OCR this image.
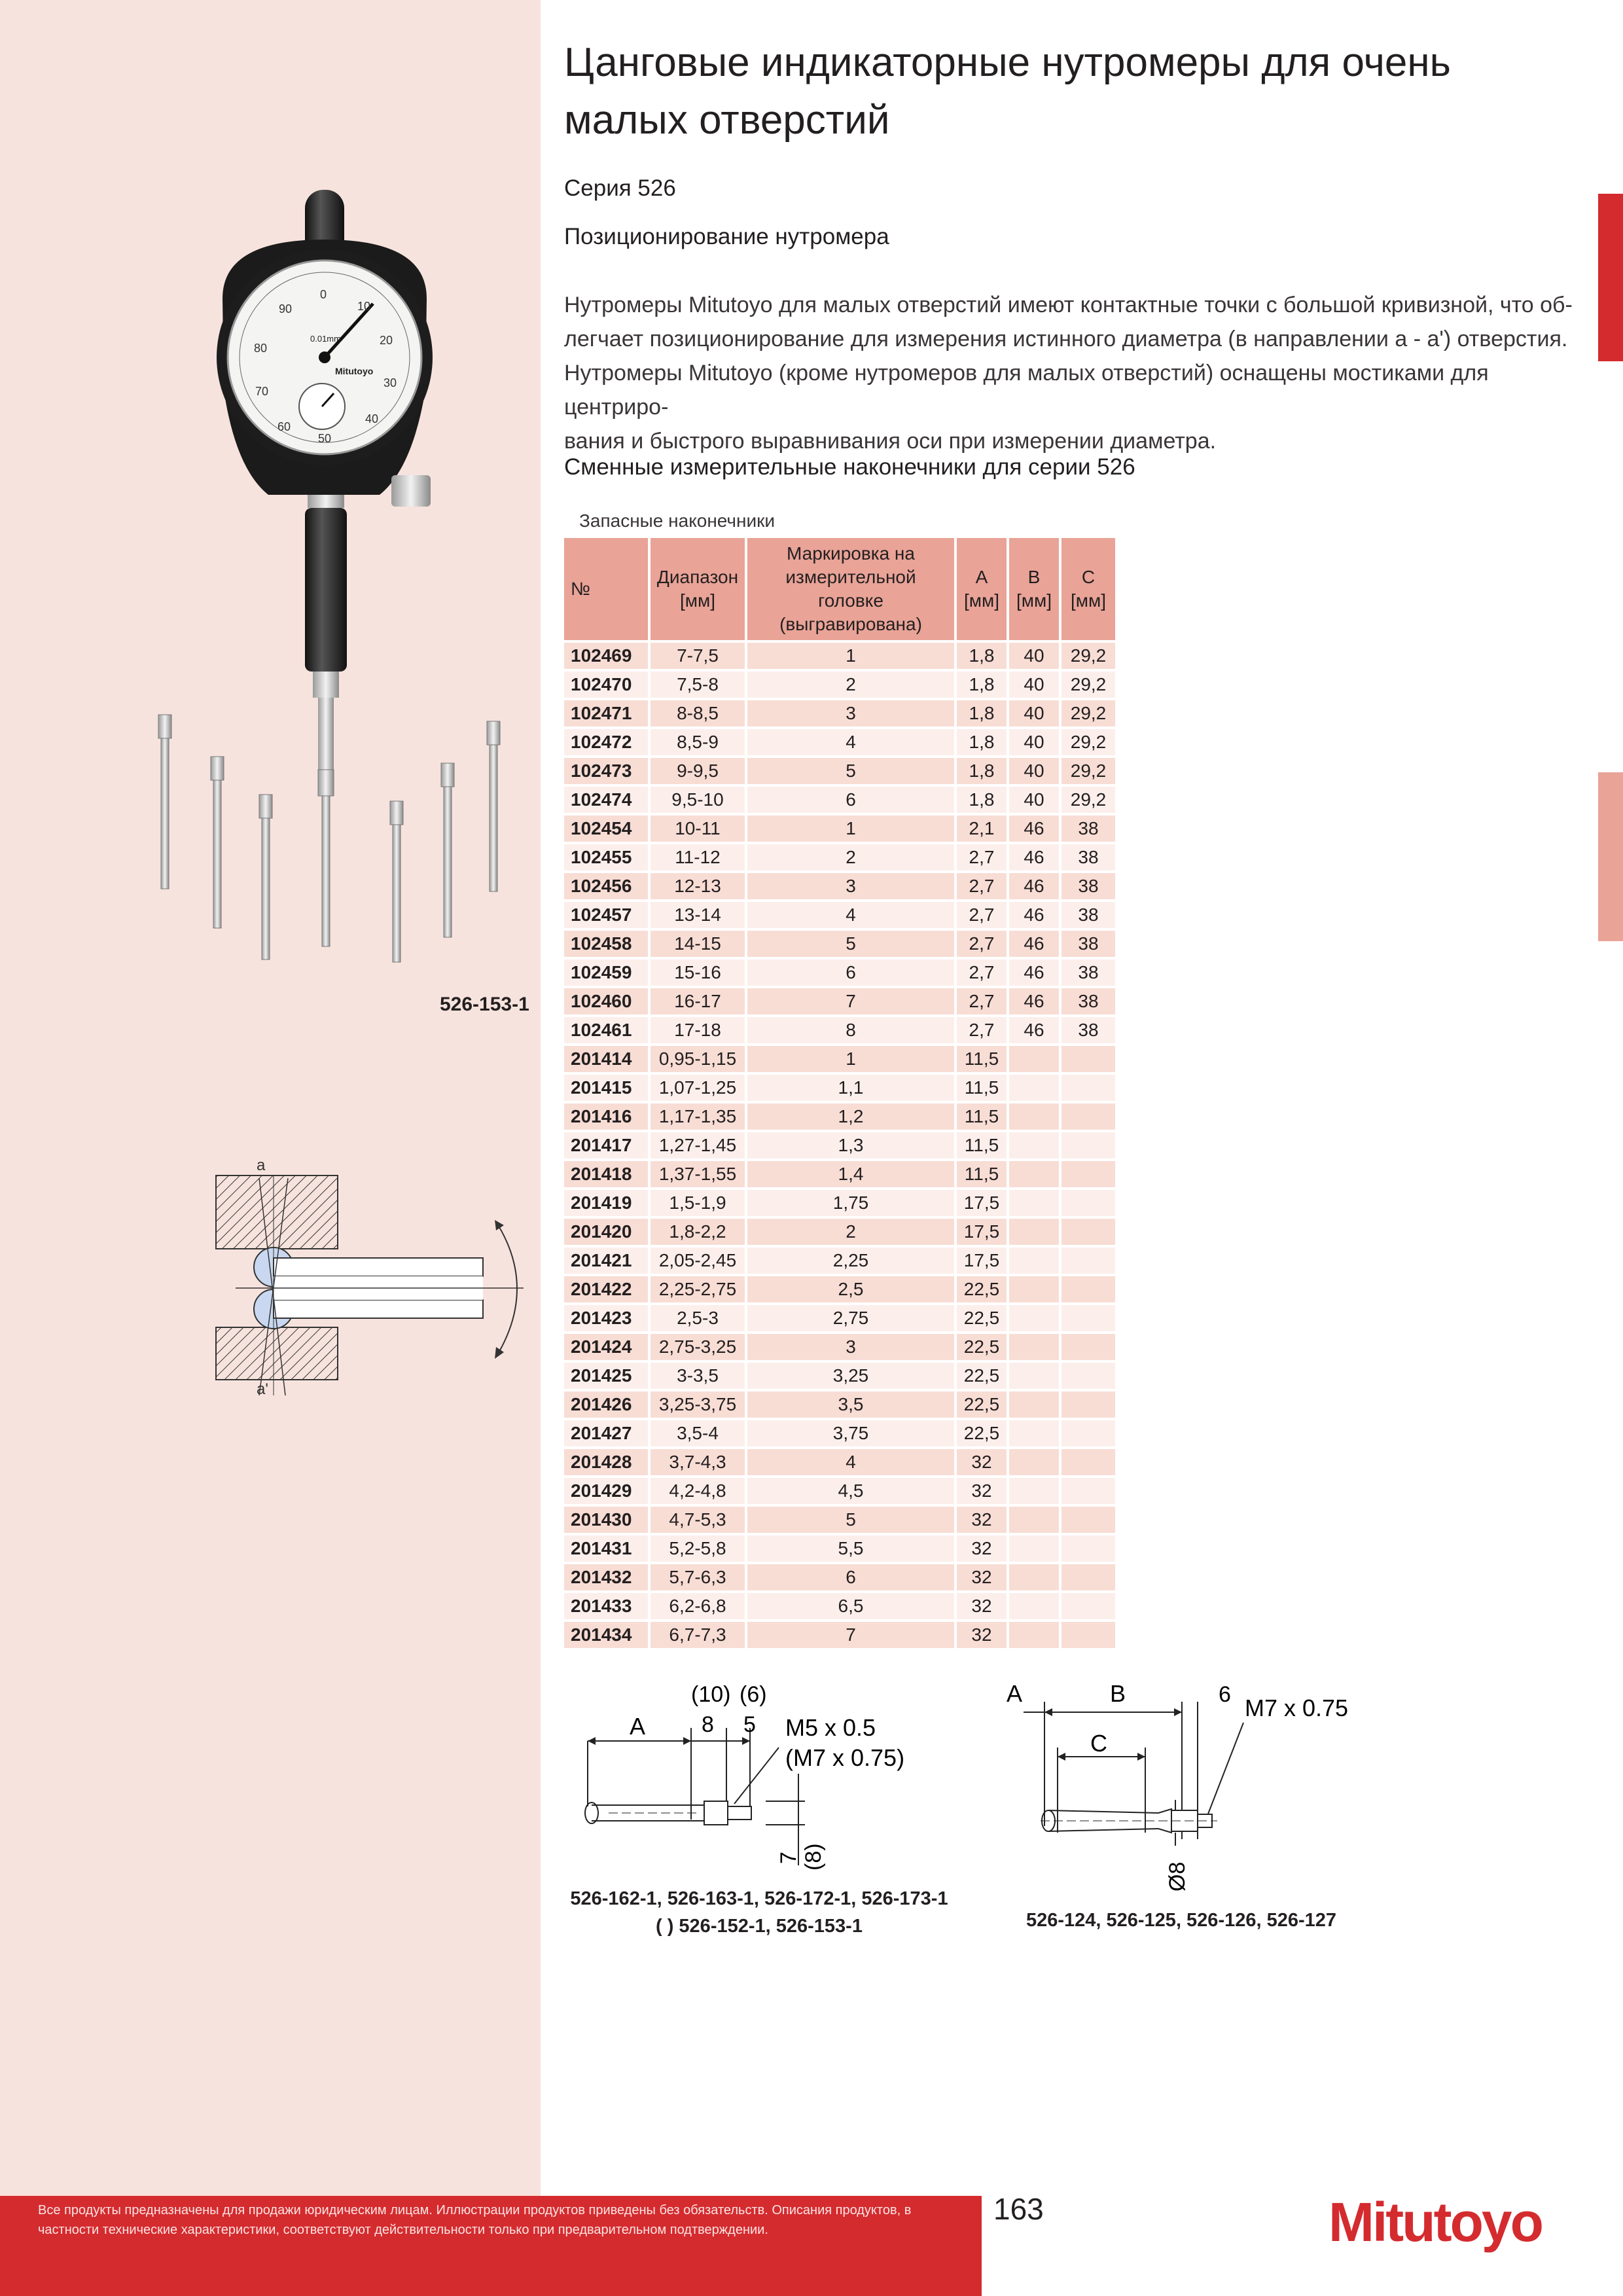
Цанговые индикаторные нутромеры для очень малых отверстий
Серия 526
Позиционирование нутромера

Нутромеры Mitutoyo для малых отверстий имеют контактные точки с большой кривизной, что об-

легчает позиционирование для измерения истинного диаметра (в направлении a - a') отверстия.

Нутромеры Mitutoyo (кроме нутромеров для малых отверстий) оснащены мостиками для центриро-

вания и быстрого выравнивания оси при измерении диаметра.

Сменные измерительные наконечники для серии 526
Запасные наконечники
№	Диапазон [мм]	Маркировка на измерительной головке (выгравирована)	A [мм]	B [мм]	C [мм]
102469	7-7,5	1	1,8	40	29,2
102470	7,5-8	2	1,8	40	29,2
102471	8-8,5	3	1,8	40	29,2
102472	8,5-9	4	1,8	40	29,2
102473	9-9,5	5	1,8	40	29,2
102474	9,5-10	6	1,8	40	29,2
102454	10-11	1	2,1	46	38
102455	11-12	2	2,7	46	38
102456	12-13	3	2,7	46	38
102457	13-14	4	2,7	46	38
102458	14-15	5	2,7	46	38
102459	15-16	6	2,7	46	38
102460	16-17	7	2,7	46	38
102461	17-18	8	2,7	46	38
201414	0,95-1,15	1	11,5		
201415	1,07-1,25	1,1	11,5		
201416	1,17-1,35	1,2	11,5		
201417	1,27-1,45	1,3	11,5		
201418	1,37-1,55	1,4	11,5		
201419	1,5-1,9	1,75	17,5		
201420	1,8-2,2	2	17,5		
201421	2,05-2,45	2,25	17,5		
201422	2,25-2,75	2,5	22,5		
201423	2,5-3	2,75	22,5		
201424	2,75-3,25	3	22,5		
201425	3-3,5	3,25	22,5		
201426	3,25-3,75	3,5	22,5		
201427	3,5-4	3,75	22,5		
201428	3,7-4,3	4	32		
201429	4,2-4,8	4,5	32		
201430	4,7-5,3	5	32		
201431	5,2-5,8	5,5	32		
201432	5,7-6,3	6	32		
201433	6,2-6,8	6,5	32		
201434	6,7-7,3	7	32		
Mitutoyo
0.01mm
0
10
20
30
40
50
60
70
80
90
526-153-1
a
a'
A
(10)
8
(6)
5 M5 x 0.5
(M7 x 0.75)
7 (8)
526-162-1, 526-163-1, 526-172-1, 526-173-1
( ) 526-152-1, 526-153-1
A	B	6
C
M7 x 0.75
Ø8
526-124, 526-125, 526-126, 526-127
Все продукты предназначены для продажи юридическим лицам. Иллюстрации продуктов приведены без обязательств. Описания продуктов, в
частности технические характеристики, соответствуют действительности только при предварительном подтверждении.
163	Mitutoyo
